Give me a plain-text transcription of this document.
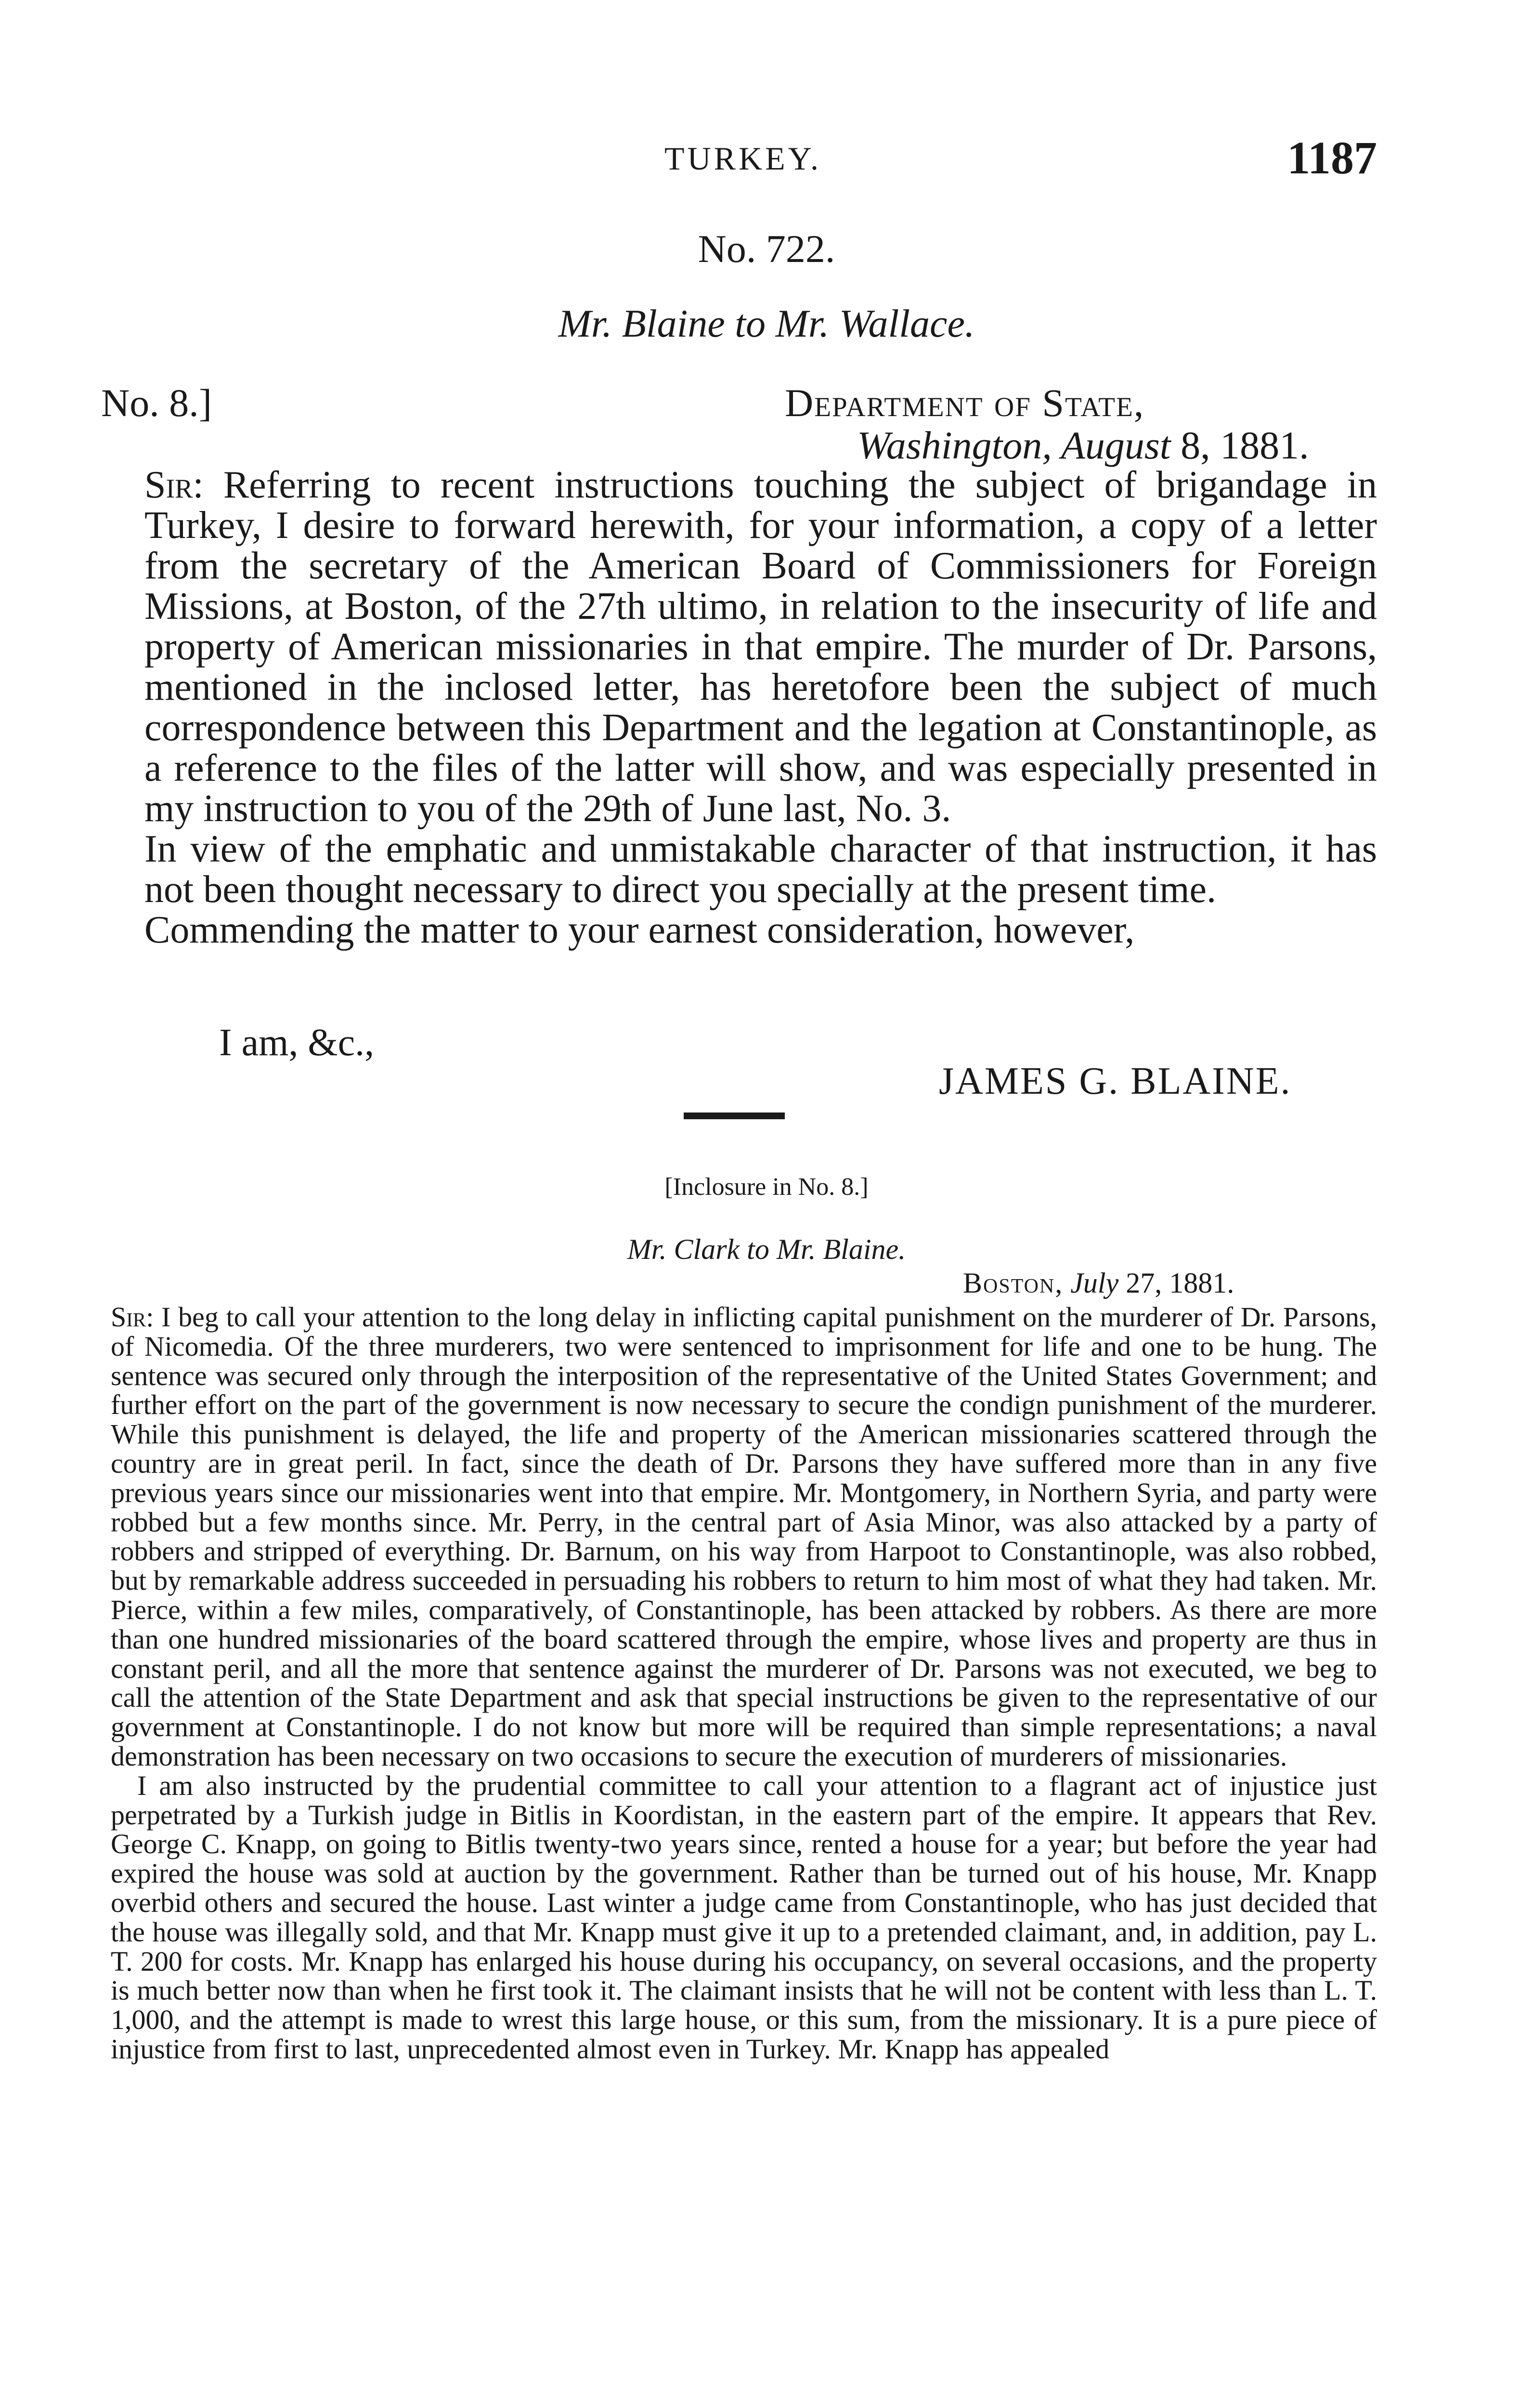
TURKEY.	1187
No. 722.
Mr. Blaine to Mr. Wallace.
No. 8.]	Department of State,
Washington, August 8, 1881.

Sir: Referring to recent instructions touching the subject of brigandage in Turkey, I desire to forward herewith, for your information, a copy of a letter from the secretary of the American Board of Commissioners for Foreign Missions, at Boston, of the 27th ultimo, in relation to the insecurity of life and property of American missionaries in that empire. The murder of Dr. Parsons, mentioned in the inclosed letter, has heretofore been the subject of much correspondence between this Department and the legation at Constantinople, as a reference to the files of the latter will show, and was especially presented in my instruction to you of the 29th of June last, No. 3.

In view of the emphatic and unmistakable character of that instruction, it has not been thought necessary to direct you specially at the present time.

Commending the matter to your earnest consideration, however,

I am, &c.,
JAMES G. BLAINE.
[Inclosure in No. 8.]
Mr. Clark to Mr. Blaine.
Boston, July 27, 1881.

Sir: I beg to call your attention to the long delay in inflicting capital punishment on the murderer of Dr. Parsons, of Nicomedia. Of the three murderers, two were sentenced to imprisonment for life and one to be hung. The sentence was secured only through the interposition of the representative of the United States Government; and further effort on the part of the government is now necessary to secure the condign punishment of the murderer. While this punishment is delayed, the life and property of the American missionaries scattered through the country are in great peril. In fact, since the death of Dr. Parsons they have suffered more than in any five previous years since our missionaries went into that empire. Mr. Montgomery, in Northern Syria, and party were robbed but a few months since. Mr. Perry, in the central part of Asia Minor, was also attacked by a party of robbers and stripped of everything. Dr. Barnum, on his way from Harpoot to Constantinople, was also robbed, but by remarkable address succeeded in persuading his robbers to return to him most of what they had taken. Mr. Pierce, within a few miles, comparatively, of Constantinople, has been attacked by robbers. As there are more than one hundred missionaries of the board scattered through the empire, whose lives and property are thus in constant peril, and all the more that sentence against the murderer of Dr. Parsons was not executed, we beg to call the attention of the State Department and ask that special instructions be given to the representative of our government at Constantinople. I do not know but more will be required than simple representations; a naval demonstration has been necessary on two occasions to secure the execution of murderers of missionaries.

I am also instructed by the prudential committee to call your attention to a flagrant act of injustice just perpetrated by a Turkish judge in Bitlis in Koordistan, in the eastern part of the empire. It appears that Rev. George C. Knapp, on going to Bitlis twenty-two years since, rented a house for a year; but before the year had expired the house was sold at auction by the government. Rather than be turned out of his house, Mr. Knapp overbid others and secured the house. Last winter a judge came from Constantinople, who has just decided that the house was illegally sold, and that Mr. Knapp must give it up to a pretended claimant, and, in addition, pay L. T. 200 for costs. Mr. Knapp has enlarged his house during his occupancy, on several occasions, and the property is much better now than when he first took it. The claimant insists that he will not be content with less than L. T. 1,000, and the attempt is made to wrest this large house, or this sum, from the missionary. It is a pure piece of injustice from first to last, unprecedented almost even in Turkey. Mr. Knapp has appealed
